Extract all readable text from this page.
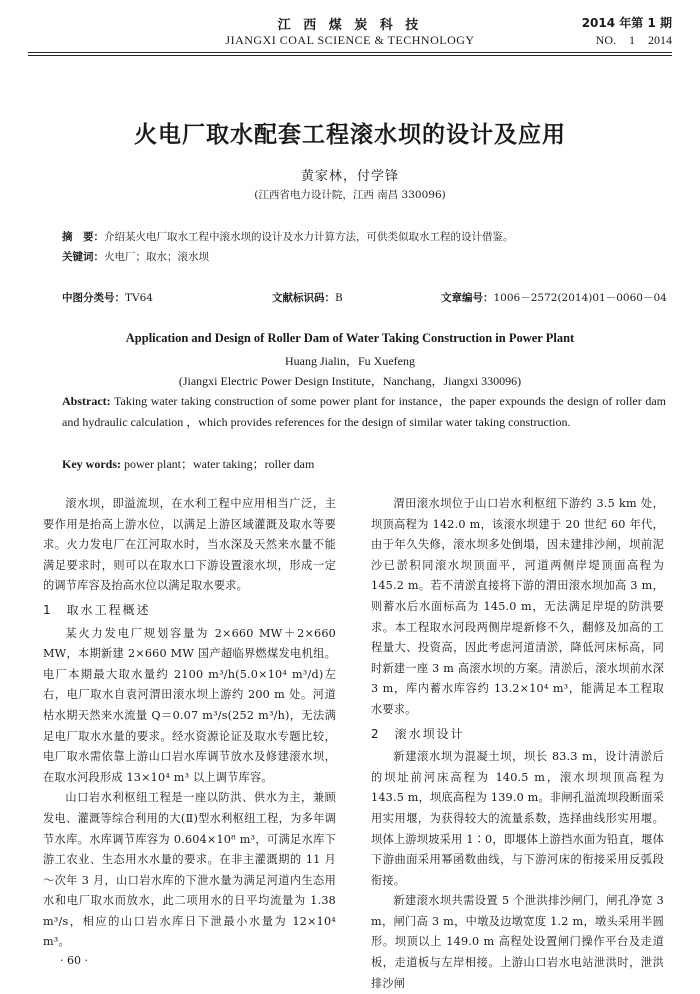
江 西 煤 炭 科 技
JIANGXI COAL SCIENCE & TECHNOLOGY
2014 年第 1 期
NO. 1 2014
火电厂取水配套工程滚水坝的设计及应用
黄家林，付学锋
(江西省电力设计院，江西 南昌 330096)
摘　要：介绍某火电厂取水工程中滚水坝的设计及水力计算方法，可供类似取水工程的设计借鉴。
关键词：火电厂；取水；滚水坝
中图分类号：TV64	文献标识码：B	文章编号：1006－2572(2014)01－0060－04
Application and Design of Roller Dam of Water Taking Construction in Power Plant
Huang Jialin，Fu Xuefeng
(Jiangxi Electric Power Design Institute，Nanchang，Jiangxi 330096)
Abstract: Taking water taking construction of some power plant for instance，the paper expounds the design of roller dam and hydraulic calculation ，which provides references for the design of similar water taking construction.
Key words: power plant；water taking；roller dam

滚水坝，即溢流坝，在水利工程中应用相当广泛，主要作用是抬高上游水位，以满足上游区域灌溉及取水等要求。火力发电厂在江河取水时，当水深及天然来水量不能满足要求时，则可以在取水口下游设置滚水坝，形成一定的调节库容及抬高水位以满足取水要求。

1　取水工程概述

某火力发电厂规划容量为 2×660 MW＋2×660 MW，本期新建 2×660 MW 国产超临界燃煤发电机组。电厂本期最大取水量约 2100 m³/h(5.0×10⁴ m³/d)左右，电厂取水自袁河渭田滚水坝上游约 200 m 处。河道枯水期天然来水流量 Q＝0.07 m³/s(252 m³/h)，无法满足电厂取水水量的要求。经水资源论证及取水专题比较，电厂取水需依靠上游山口岩水库调节放水及修建滚水坝，在取水河段形成 13×10⁴ m³ 以上调节库容。

山口岩水利枢纽工程是一座以防洪、供水为主，兼顾发电、灌溉等综合利用的大(Ⅱ)型水利枢纽工程，为多年调节水库。水库调节库容为 0.604×10⁸ m³，可满足水库下游工农业、生态用水水量的要求。在非主灌溉期的 11 月～次年 3 月，山口岩水库的下泄水量为满足河道内生态用水和电厂取水而放水，此二项用水的日平均流量为 1.38 m³/s，相应的山口岩水库日下泄最小水量为 12×10⁴ m³。

渭田滚水坝位于山口岩水利枢纽下游约 3.5 km 处，坝顶高程为 142.0 m，该滚水坝建于 20 世纪 60 年代，由于年久失修，滚水坝多处倒塌，因未建排沙闸，坝前泥沙已淤积同滚水坝顶面平，河道两侧岸堤顶面高程为 145.2 m。若不清淤直接将下游的渭田滚水坝加高 3 m，则蓄水后水面标高为 145.0 m，无法满足岸堤的防洪要求。本工程取水河段两侧岸堤新修不久，翻修及加高的工程量大、投资高，因此考虑河道清淤，降低河床标高，同时新建一座 3 m 高滚水坝的方案。清淤后，滚水坝前水深 3 m，库内蓄水库容约 13.2×10⁴ m³，能满足本工程取水要求。

2　滚水坝设计

新建滚水坝为混凝土坝，坝长 83.3 m，设计清淤后的坝址前河床高程为 140.5 m，滚水坝坝顶高程为 143.5 m，坝底高程为 139.0 m。非闸孔溢流坝段断面采用实用堰，为获得较大的流量系数，选择曲线形实用堰。坝体上游坝坡采用 1∶0，即堰体上游挡水面为铅直，堰体下游曲面采用幂函数曲线，与下游河床的衔接采用反弧段衔接。

新建滚水坝共需设置 5 个泄洪排沙闸门，闸孔净宽 3 m，闸门高 3 m，中墩及边墩宽度 1.2 m，墩头采用半圆形。坝顶以上 149.0 m 高程处设置闸门操作平台及走道板，走道板与左岸相接。上游山口岩水电站泄洪时，泄洪排沙闸

· 60 ·
